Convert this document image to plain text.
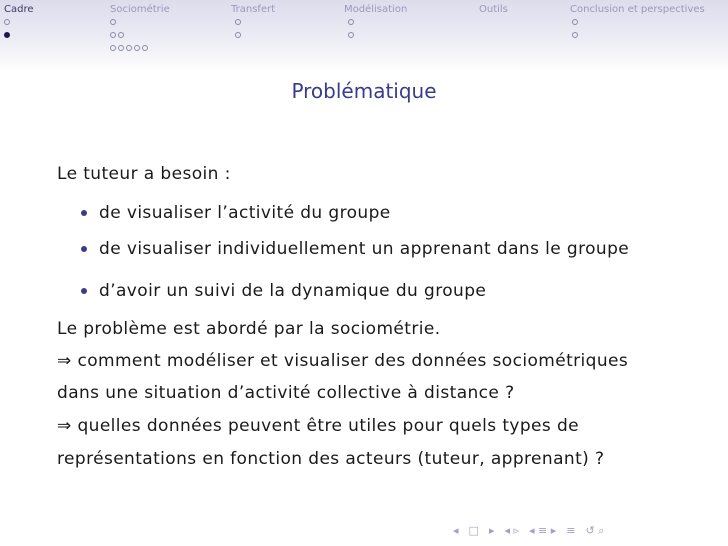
Cadre	Sociométrie	Transfert	Modélisation	Outils	Conclusion et perspectives
Problématique
Le tuteur a besoin :
de visualiser l’activité du groupe
de visualiser individuellement un apprenant dans le groupe
d’avoir un suivi de la dynamique du groupe
Le problème est abordé par la sociométrie.
⇒ comment modéliser et visualiser des données sociométriques
dans une situation d’activité collective à distance ?
⇒ quelles données peuvent être utiles pour quels types de
représentations en fonction des acteurs (tuteur, apprenant) ?
◂ □ ▸ ◂ ▹ ◂ ≡ ▸ ≡ ↺ ⌕
